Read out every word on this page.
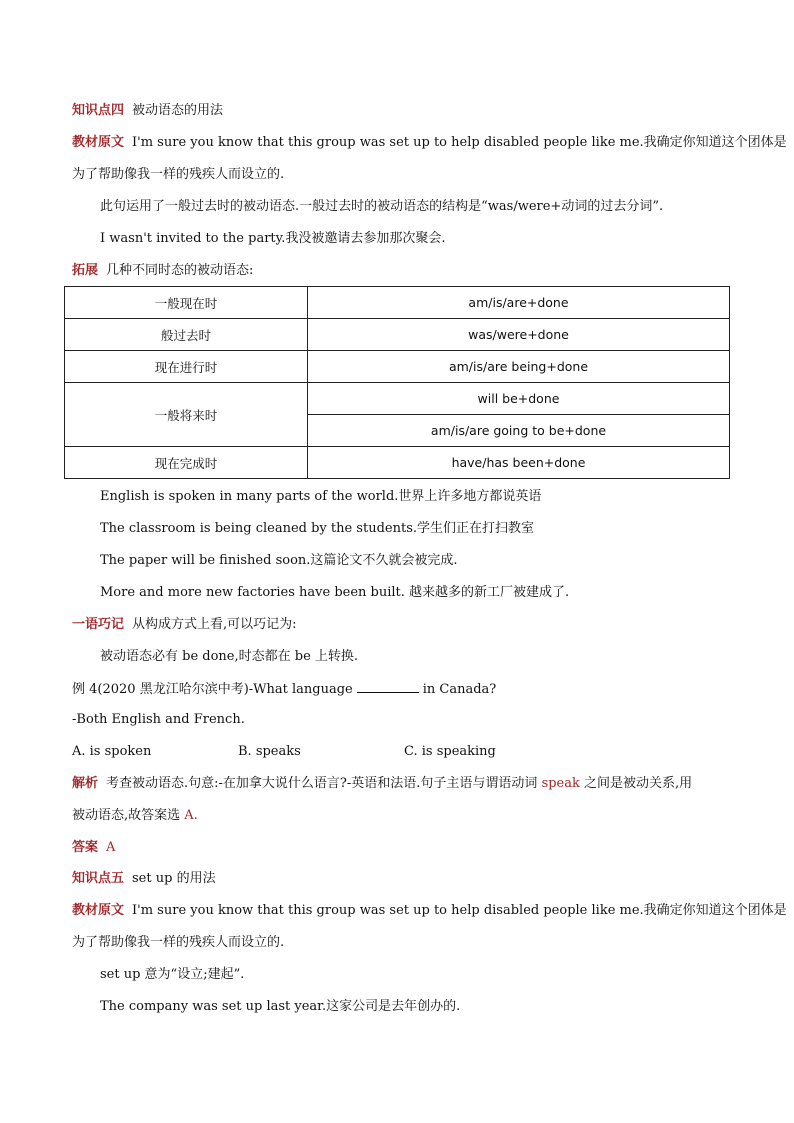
知识点四 被动语态的用法
教材原文 I'm sure you know that this group was set up to help disabled people like me.我确定你知道这个团体是
为了帮助像我一样的残疾人而设立的.
此句运用了一般过去时的被动语态.一般过去时的被动语态的结构是“was/were+动词的过去分词”.
I wasn't invited to the party.我没被邀请去参加那次聚会.
拓展 几种不同时态的被动语态:
一般现在时	am/is/are+done
般过去时	was/were+done
现在进行时	am/is/are being+done
一般将来时	will be+done
	am/is/are going to be+done
现在完成时	have/has been+done
English is spoken in many parts of the world.世界上许多地方都说英语
The classroom is being cleaned by the students.学生们正在打扫教室
The paper will be finished soon.这篇论文不久就会被完成.
More and more new factories have been built. 越来越多的新工厂被建成了.
一语巧记 从构成方式上看,可以巧记为:
被动语态必有 be done,时态都在 be 上转换.
例 4(2020 黑龙江哈尔滨中考)-What language	in Canada?
-Both English and French.
A. is spoken	B. speaks	C. is speaking
解析 考查被动语态.句意:-在加拿大说什么语言?-英语和法语.句子主语与谓语动词 speak 之间是被动关系,用
被动语态,故答案选 A.
答案 A
知识点五 set up 的用法
教材原文 I'm sure you know that this group was set up to help disabled people like me.我确定你知道这个团体是
为了帮助像我一样的残疾人而设立的.
set up 意为“设立;建起”.
The company was set up last year.这家公司是去年创办的.
